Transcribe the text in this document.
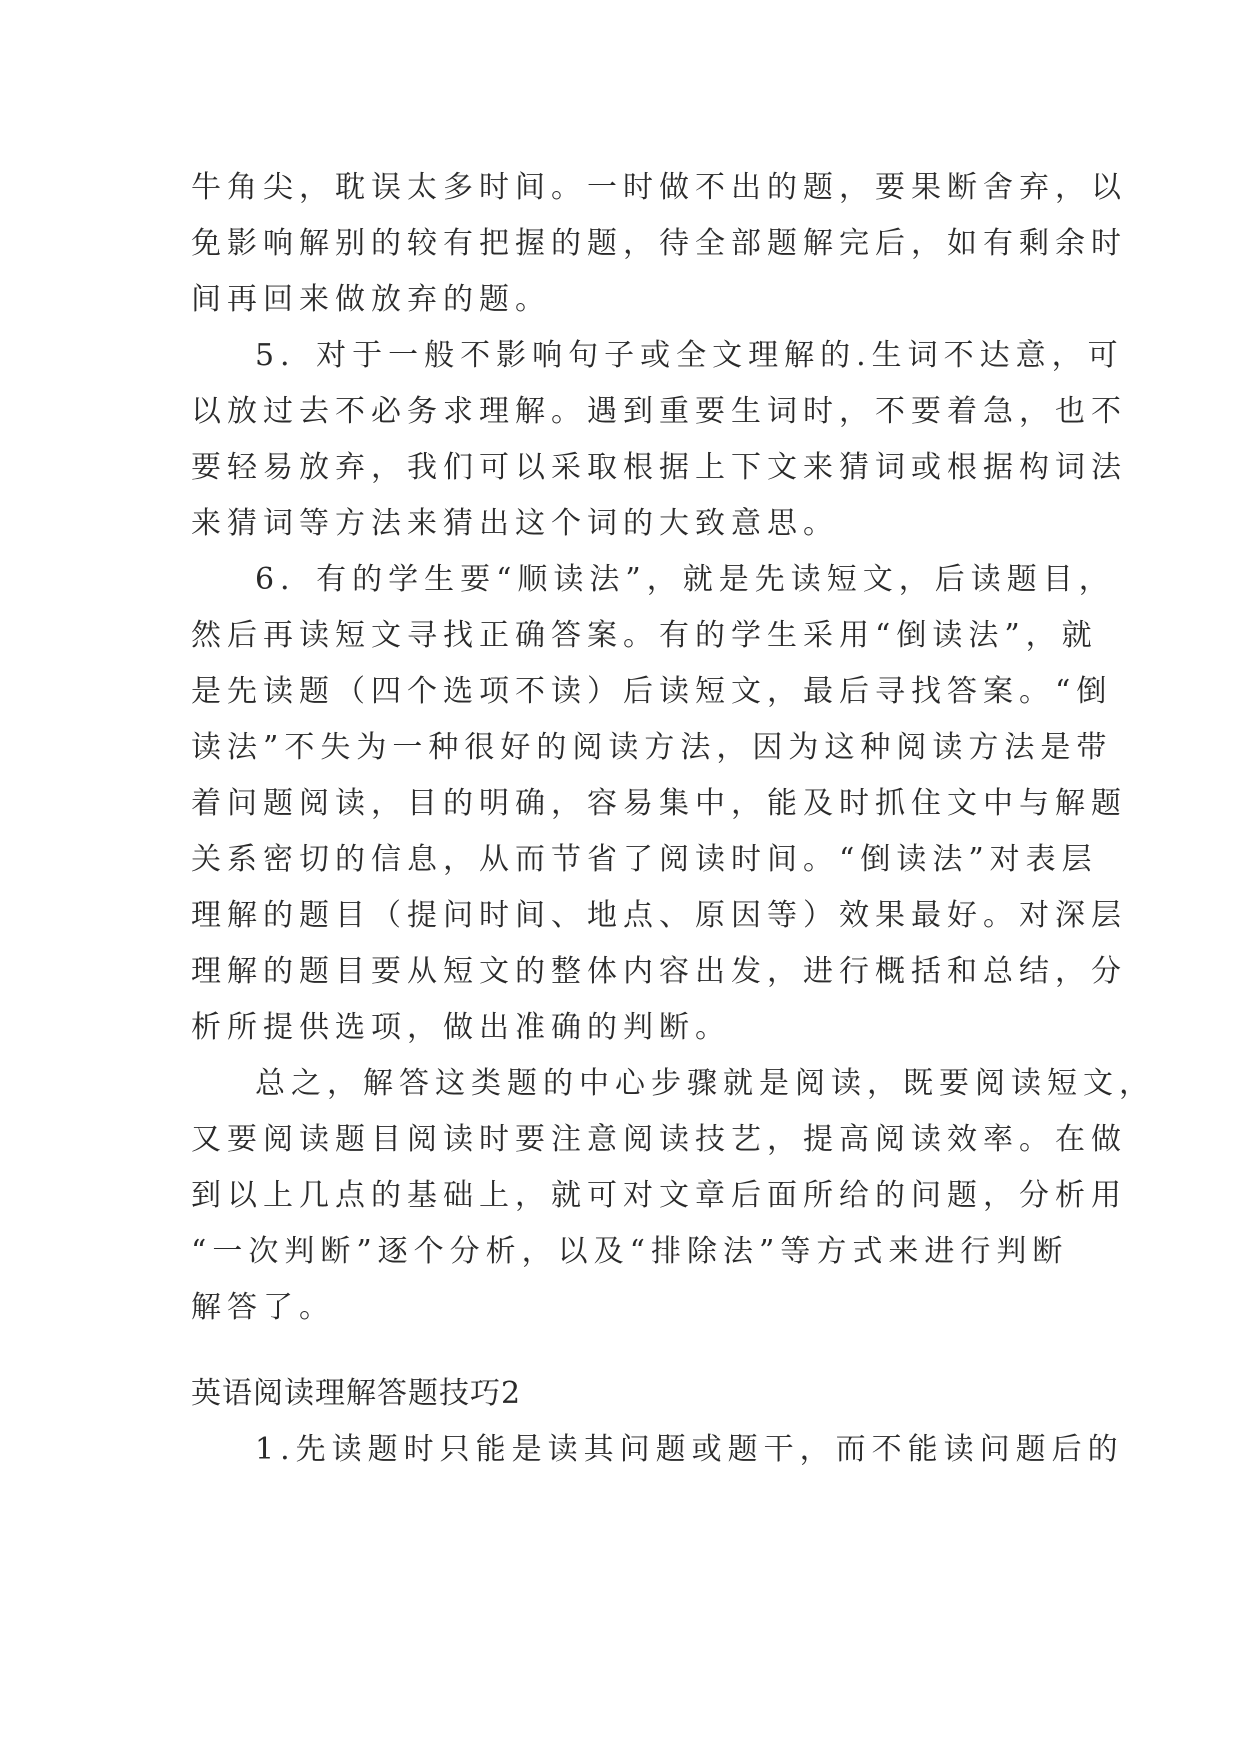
牛角尖，耽误太多时间。一时做不出的题，要果断舍弃，以
免影响解别的较有把握的题，待全部题解完后，如有剩余时
间再回来做放弃的题。
5．对于一般不影响句子或全文理解的.生词不达意，可
以放过去不必务求理解。遇到重要生词时，不要着急，也不
要轻易放弃，我们可以采取根据上下文来猜词或根据构词法
来猜词等方法来猜出这个词的大致意思。
6．有的学生要“顺读法”，就是先读短文，后读题目，
然后再读短文寻找正确答案。有的学生采用“倒读法”，就
是先读题（四个选项不读）后读短文，最后寻找答案。“倒
读法”不失为一种很好的阅读方法，因为这种阅读方法是带
着问题阅读，目的明确，容易集中，能及时抓住文中与解题
关系密切的信息，从而节省了阅读时间。“倒读法”对表层
理解的题目（提问时间、地点、原因等）效果最好。对深层
理解的题目要从短文的整体内容出发，进行概括和总结，分
析所提供选项，做出准确的判断。
总之，解答这类题的中心步骤就是阅读，既要阅读短文，
又要阅读题目阅读时要注意阅读技艺，提高阅读效率。在做
到以上几点的基础上，就可对文章后面所给的问题，分析用
“一次判断”逐个分析，以及“排除法”等方式来进行判断
解答了。
英语阅读理解答题技巧2
1.先读题时只能是读其问题或题干，而不能读问题后的
